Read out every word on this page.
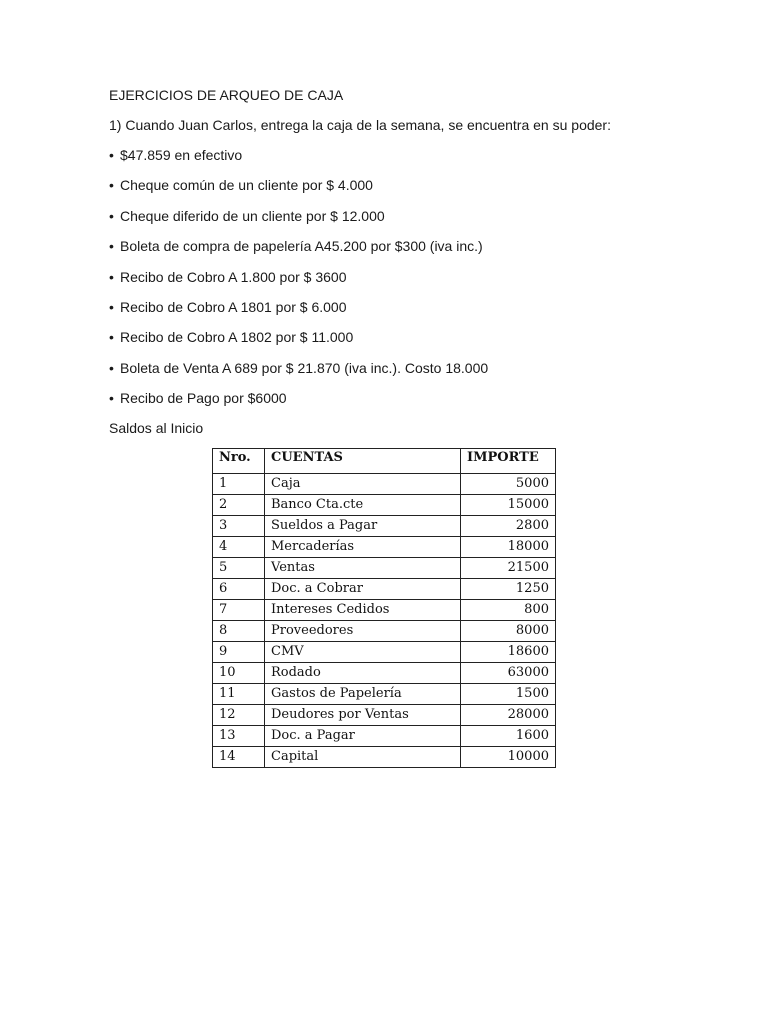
EJERCICIOS DE ARQUEO DE CAJA
1) Cuando Juan Carlos, entrega la caja de la semana, se encuentra en su poder:
• $47.859 en efectivo
• Cheque común de un cliente por $ 4.000
• Cheque diferido de un cliente por $ 12.000
• Boleta de compra de papelería A45.200 por $300 (iva inc.)
• Recibo de Cobro A 1.800 por $ 3600
• Recibo de Cobro A 1801 por $ 6.000
• Recibo de Cobro A 1802 por $ 11.000
• Boleta de Venta A 689 por $ 21.870 (iva inc.). Costo 18.000
• Recibo de Pago por $6000
Saldos al Inicio
Nro.	CUENTAS	IMPORTE
1	Caja	5000
2	Banco Cta.cte	15000
3	Sueldos a Pagar	2800
4	Mercaderías	18000
5	Ventas	21500
6	Doc. a Cobrar	1250
7	Intereses Cedidos	800
8	Proveedores	8000
9	CMV	18600
10	Rodado	63000
11	Gastos de Papelería	1500
12	Deudores por Ventas	28000
13	Doc. a Pagar	1600
14	Capital	10000
